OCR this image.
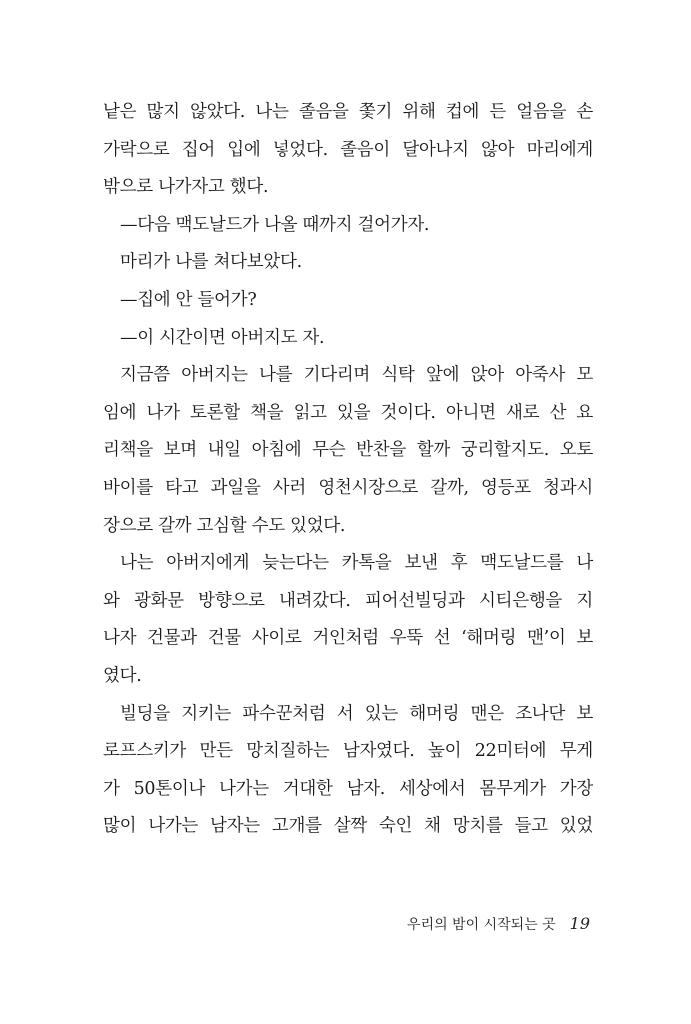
낱은 많지 않았다. 나는 졸음을 쫓기 위해 컵에 든 얼음을 손
가락으로 집어 입에 넣었다. 졸음이 달아나지 않아 마리에게
밖으로 나가자고 했다.
—다음 맥도날드가 나올 때까지 걸어가자.
마리가 나를 쳐다보았다.
—집에 안 들어가?
—이 시간이면 아버지도 자.
지금쯤 아버지는 나를 기다리며 식탁 앞에 앉아 아죽사 모
임에 나가 토론할 책을 읽고 있을 것이다. 아니면 새로 산 요
리책을 보며 내일 아침에 무슨 반찬을 할까 궁리할지도. 오토
바이를 타고 과일을 사러 영천시장으로 갈까, 영등포 청과시
장으로 갈까 고심할 수도 있었다.
나는 아버지에게 늦는다는 카톡을 보낸 후 맥도날드를 나
와 광화문 방향으로 내려갔다. 피어선빌딩과 시티은행을 지
나자 건물과 건물 사이로 거인처럼 우뚝 선 ‘해머링 맨’이 보
였다.
빌딩을 지키는 파수꾼처럼 서 있는 해머링 맨은 조나단 보
로프스키가 만든 망치질하는 남자였다. 높이 22미터에 무게
가 50톤이나 나가는 거대한 남자. 세상에서 몸무게가 가장
많이 나가는 남자는 고개를 살짝 숙인 채 망치를 들고 있었
우리의 밤이 시작되는 곳 19
